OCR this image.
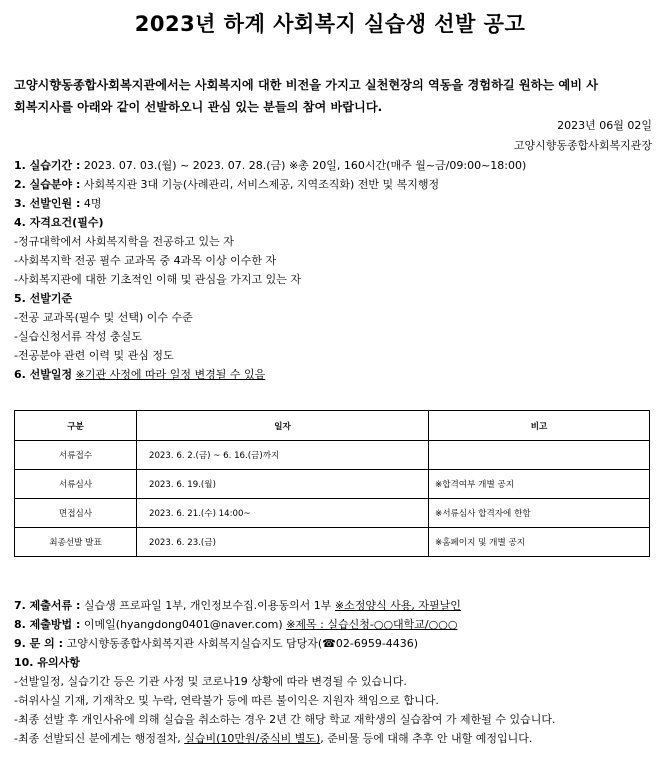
2023년 하계 사회복지 실습생 선발 공고
고양시향동종합사회복지관에서는 사회복지에 대한 비전을 가지고 실천현장의 역동을 경험하길 원하는 예비 사
회복지사를 아래와 같이 선발하오니 관심 있는 분들의 참여 바랍니다.
2023년 06월 02일
고양시향동종합사회복지관장
1. 실습기간 : 2023. 07. 03.(월) ~ 2023. 07. 28.(금) ※총 20일, 160시간(매주 월~금/09:00~18:00)
2. 실습분야 : 사회복지관 3대 기능(사례관리, 서비스제공, 지역조직화) 전반 및 복지행정
3. 선발인원 : 4명
4. 자격요건(필수)
-정규대학에서 사회복지학을 전공하고 있는 자
-사회복지학 전공 필수 교과목 중 4과목 이상 이수한 자
-사회복지관에 대한 기초적인 이해 및 관심을 가지고 있는 자
5. 선발기준
-전공 교과목(필수 및 선택) 이수 수준
-실습신청서류 작성 충실도
-전공분야 관련 이력 및 관심 정도
6. 선발일정 ※기관 사정에 따라 일정 변경될 수 있음
구분	일자	비고
서류접수	2023. 6. 2.(금) ~ 6. 16.(금)까지	
서류심사	2023. 6. 19.(월)	※합격여부 개별 공지
면접심사	2023. 6. 21.(수) 14:00~	※서류심사 합격자에 한함
최종선발 발표	2023. 6. 23.(금)	※홈페이지 및 개별 공지
7. 제출서류 : 실습생 프로파일 1부, 개인정보수집.이용동의서 1부 ※소정양식 사용, 자필날인
8. 제출방법 : 이메일(hyangdong0401@naver.com) ※제목 : 실습신청-○○대학교/○○○
9. 문 의 : 고양시향동종합사회복지관 사회복지실습지도 담당자(☎02-6959-4436)
10. 유의사항
-선발일정, 실습기간 등은 기관 사정 및 코로나19 상황에 따라 변경될 수 있습니다.
-허위사실 기재, 기재착오 및 누락, 연락불가 등에 따른 불이익은 지원자 책임으로 합니다.
-최종 선발 후 개인사유에 의해 실습을 취소하는 경우 2년 간 해당 학교 재학생의 실습참여 가 제한될 수 있습니다.
-최종 선발되신 분에게는 행정절차, 실습비(10만원/중식비 별도), 준비물 등에 대해 추후 안 내할 예정입니다.
